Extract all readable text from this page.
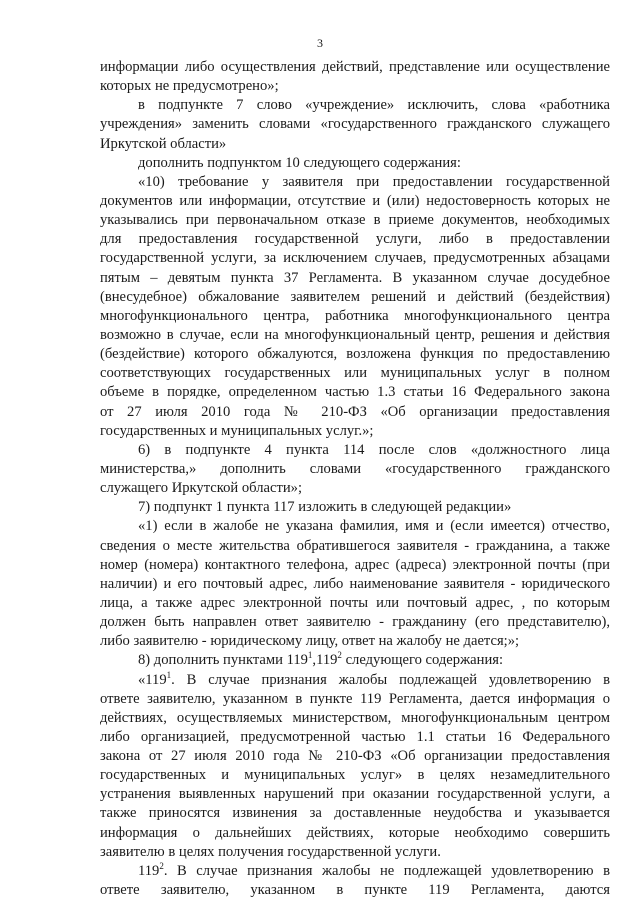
3
информации либо осуществления действий, представление или осуществление
которых не предусмотрено»;
в подпункте 7 слово «учреждение» исключить, слова «работника
учреждения» заменить словами «государственного гражданского служащего
Иркутской области»
дополнить подпунктом 10 следующего содержания:
«10) требование у заявителя при предоставлении государственной
документов или информации, отсутствие и (или) недостоверность которых не
указывались при первоначальном отказе в приеме документов, необходимых
для предоставления государственной услуги, либо в предоставлении
государственной услуги, за исключением случаев, предусмотренных абзацами
пятым – девятым пункта 37 Регламента. В указанном случае досудебное
(внесудебное) обжалование заявителем решений и действий (бездействия)
многофункционального центра, работника многофункционального центра
возможно в случае, если на многофункциональный центр, решения и действия
(бездействие) которого обжалуются, возложена функция по предоставлению
соответствующих государственных или муниципальных услуг в полном
объеме в порядке, определенном частью 1.3 статьи 16 Федерального закона
от 27 июля 2010 года № 210-ФЗ «Об организации предоставления
государственных и муниципальных услуг.»;
6) в подпункте 4 пункта 114 после слов «должностного лица
министерства,» дополнить словами «государственного гражданского
служащего Иркутской области»;
7) подпункт 1 пункта 117 изложить в следующей редакции»
«1) если в жалобе не указана фамилия, имя и (если имеется) отчество,
сведения о месте жительства обратившегося заявителя - гражданина, а также
номер (номера) контактного телефона, адрес (адреса) электронной почты (при
наличии) и его почтовый адрес, либо наименование заявителя - юридического
лица, а также адрес электронной почты или почтовый адрес, , по которым
должен быть направлен ответ заявителю - гражданину (его представителю),
либо заявителю - юридическому лицу, ответ на жалобу не дается;»;
8) дополнить пунктами $119^1,119^2$ следующего содержания:
«$119^1$. В случае признания жалобы подлежащей удовлетворению в
ответе заявителю, указанном в пункте 119 Регламента, дается информация о
действиях, осуществляемых министерством, многофункциональным центром
либо организацией, предусмотренной частью 1.1 статьи 16 Федерального
закона от 27 июля 2010 года № 210-ФЗ «Об организации предоставления
государственных и муниципальных услуг» в целях незамедлительного
устранения выявленных нарушений при оказании государственной услуги, а
также приносятся извинения за доставленные неудобства и указывается
информация о дальнейших действиях, которые необходимо совершить
заявителю в целях получения государственной услуги.
$119^2$. В случае признания жалобы не подлежащей удовлетворению в
ответе заявителю, указанном в пункте 119 Регламента, даются
